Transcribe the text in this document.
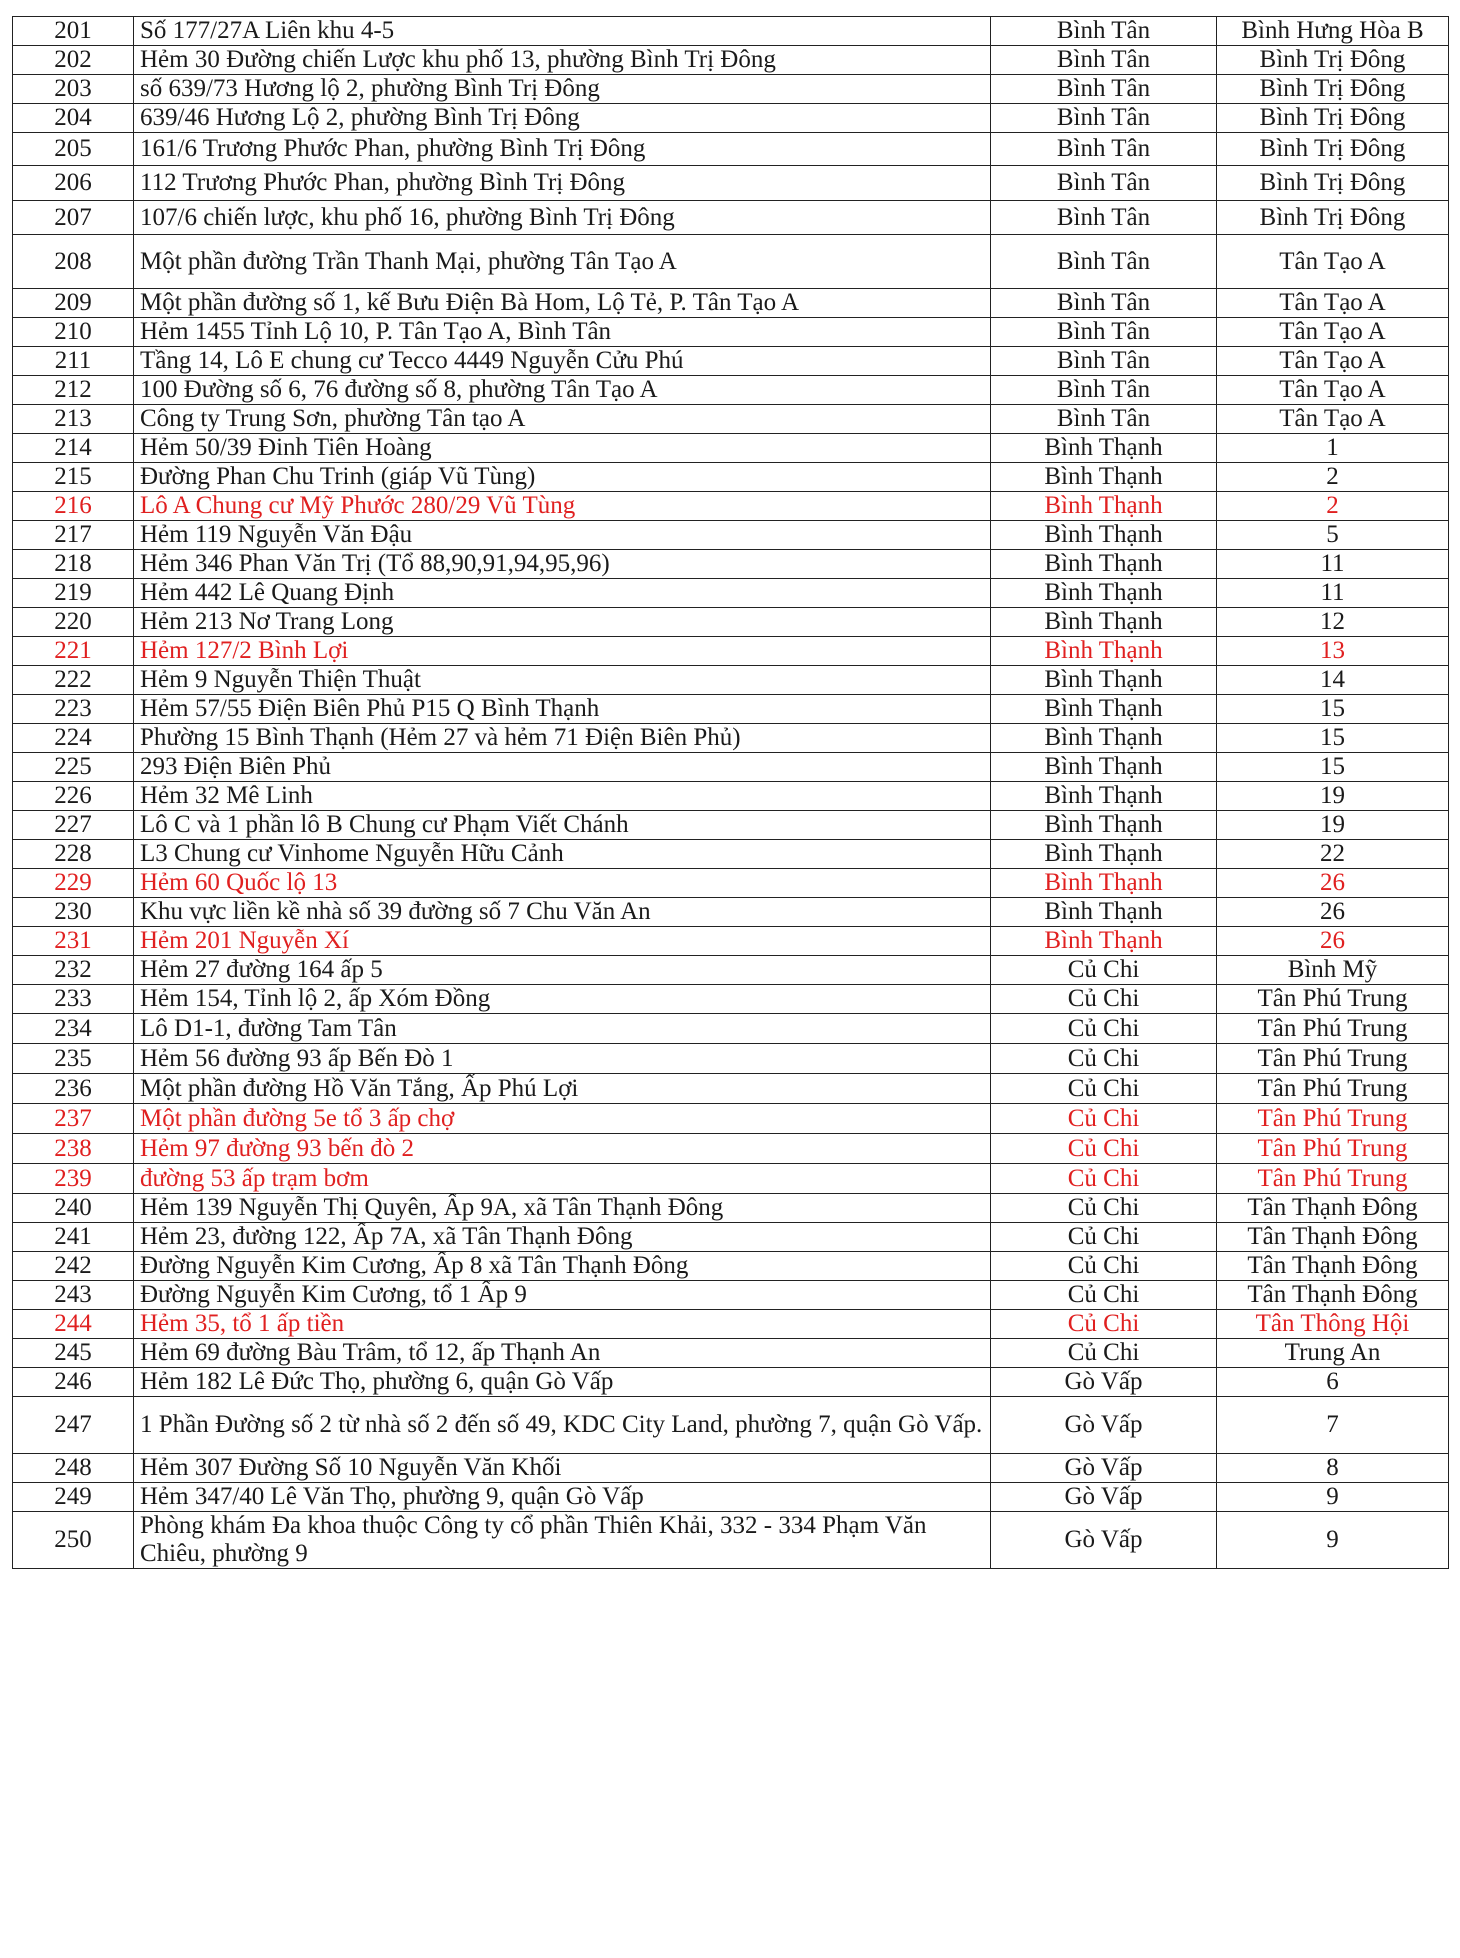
201	Số 177/27A Liên khu 4-5	Bình Tân	Bình Hưng Hòa B
202	Hẻm 30 Đường chiến Lược khu phố 13, phường Bình Trị Đông	Bình Tân	Bình Trị Đông
203	số 639/73 Hương lộ 2, phường Bình Trị Đông	Bình Tân	Bình Trị Đông
204	639/46 Hương Lộ 2, phường Bình Trị Đông	Bình Tân	Bình Trị Đông
205	161/6 Trương Phước Phan, phường Bình Trị Đông	Bình Tân	Bình Trị Đông
206	112 Trương Phước Phan, phường Bình Trị Đông	Bình Tân	Bình Trị Đông
207	107/6 chiến lược, khu phố 16, phường Bình Trị Đông	Bình Tân	Bình Trị Đông
208	Một phần đường Trần Thanh Mại, phường Tân Tạo A	Bình Tân	Tân Tạo A
209	Một phần đường số 1, kế Bưu Điện Bà Hom, Lộ Tẻ, P. Tân Tạo A	Bình Tân	Tân Tạo A
210	Hẻm 1455 Tỉnh Lộ 10, P. Tân Tạo A, Bình Tân	Bình Tân	Tân Tạo A
211	Tầng 14, Lô E chung cư Tecco 4449 Nguyễn Cửu Phú	Bình Tân	Tân Tạo A
212	100 Đường số 6, 76 đường số 8, phường Tân Tạo A	Bình Tân	Tân Tạo A
213	Công ty Trung Sơn, phường Tân tạo A	Bình Tân	Tân Tạo A
214	Hẻm 50/39 Đinh Tiên Hoàng	Bình Thạnh	1
215	Đường Phan Chu Trinh (giáp Vũ Tùng)	Bình Thạnh	2
216	Lô A Chung cư Mỹ Phước 280/29 Vũ Tùng	Bình Thạnh	2
217	Hẻm 119 Nguyễn Văn Đậu	Bình Thạnh	5
218	Hẻm 346 Phan Văn Trị (Tổ 88,90,91,94,95,96)	Bình Thạnh	11
219	Hẻm 442 Lê Quang Định	Bình Thạnh	11
220	Hẻm 213 Nơ Trang Long	Bình Thạnh	12
221	Hẻm 127/2 Bình Lợi	Bình Thạnh	13
222	Hẻm 9 Nguyễn Thiện Thuật	Bình Thạnh	14
223	Hẻm 57/55 Điện Biên Phủ P15 Q Bình Thạnh	Bình Thạnh	15
224	Phường 15 Bình Thạnh (Hẻm 27 và hẻm 71 Điện Biên Phủ)	Bình Thạnh	15
225	293 Điện Biên Phủ	Bình Thạnh	15
226	Hẻm 32 Mê Linh	Bình Thạnh	19
227	Lô C và 1 phần lô B Chung cư Phạm Viết Chánh	Bình Thạnh	19
228	L3 Chung cư Vinhome Nguyễn Hữu Cảnh	Bình Thạnh	22
229	Hẻm 60 Quốc lộ 13	Bình Thạnh	26
230	Khu vực liền kề nhà số 39 đường số 7 Chu Văn An	Bình Thạnh	26
231	Hẻm 201 Nguyễn Xí	Bình Thạnh	26
232	Hẻm 27 đường 164 ấp 5	Củ Chi	Bình Mỹ
233	Hẻm 154, Tỉnh lộ 2, ấp Xóm Đồng	Củ Chi	Tân Phú Trung
234	Lô D1-1, đường Tam Tân	Củ Chi	Tân Phú Trung
235	Hẻm 56 đường 93 ấp Bến Đò 1	Củ Chi	Tân Phú Trung
236	Một phần đường Hồ Văn Tắng, Ấp Phú Lợi	Củ Chi	Tân Phú Trung
237	Một phần đường 5e tổ 3 ấp chợ	Củ Chi	Tân Phú Trung
238	Hẻm 97 đường 93 bến đò 2	Củ Chi	Tân Phú Trung
239	đường 53 ấp trạm bơm	Củ Chi	Tân Phú Trung
240	Hẻm 139 Nguyễn Thị Quyên, Ấp 9A, xã Tân Thạnh Đông	Củ Chi	Tân Thạnh Đông
241	Hẻm 23, đường 122, Ấp 7A, xã Tân Thạnh Đông	Củ Chi	Tân Thạnh Đông
242	Đường Nguyễn Kim Cương, Ấp 8 xã Tân Thạnh Đông	Củ Chi	Tân Thạnh Đông
243	Đường Nguyễn Kim Cương, tổ 1 Ấp 9	Củ Chi	Tân Thạnh Đông
244	Hẻm 35, tổ 1 ấp tiền	Củ Chi	Tân Thông Hội
245	Hẻm 69 đường Bàu Trâm, tổ 12, ấp Thạnh An	Củ Chi	Trung An
246	Hẻm 182 Lê Đức Thọ, phường 6, quận Gò Vấp	Gò Vấp	6
247	1 Phần Đường số 2 từ nhà số 2 đến số 49, KDC City Land, phường 7, quận Gò Vấp.	Gò Vấp	7
248	Hẻm 307 Đường Số 10 Nguyễn Văn Khối	Gò Vấp	8
249	Hẻm 347/40 Lê Văn Thọ, phường 9, quận Gò Vấp	Gò Vấp	9
250	Phòng khám Đa khoa thuộc Công ty cổ phần Thiên Khải, 332 - 334 Phạm Văn Chiêu, phường 9	Gò Vấp	9
